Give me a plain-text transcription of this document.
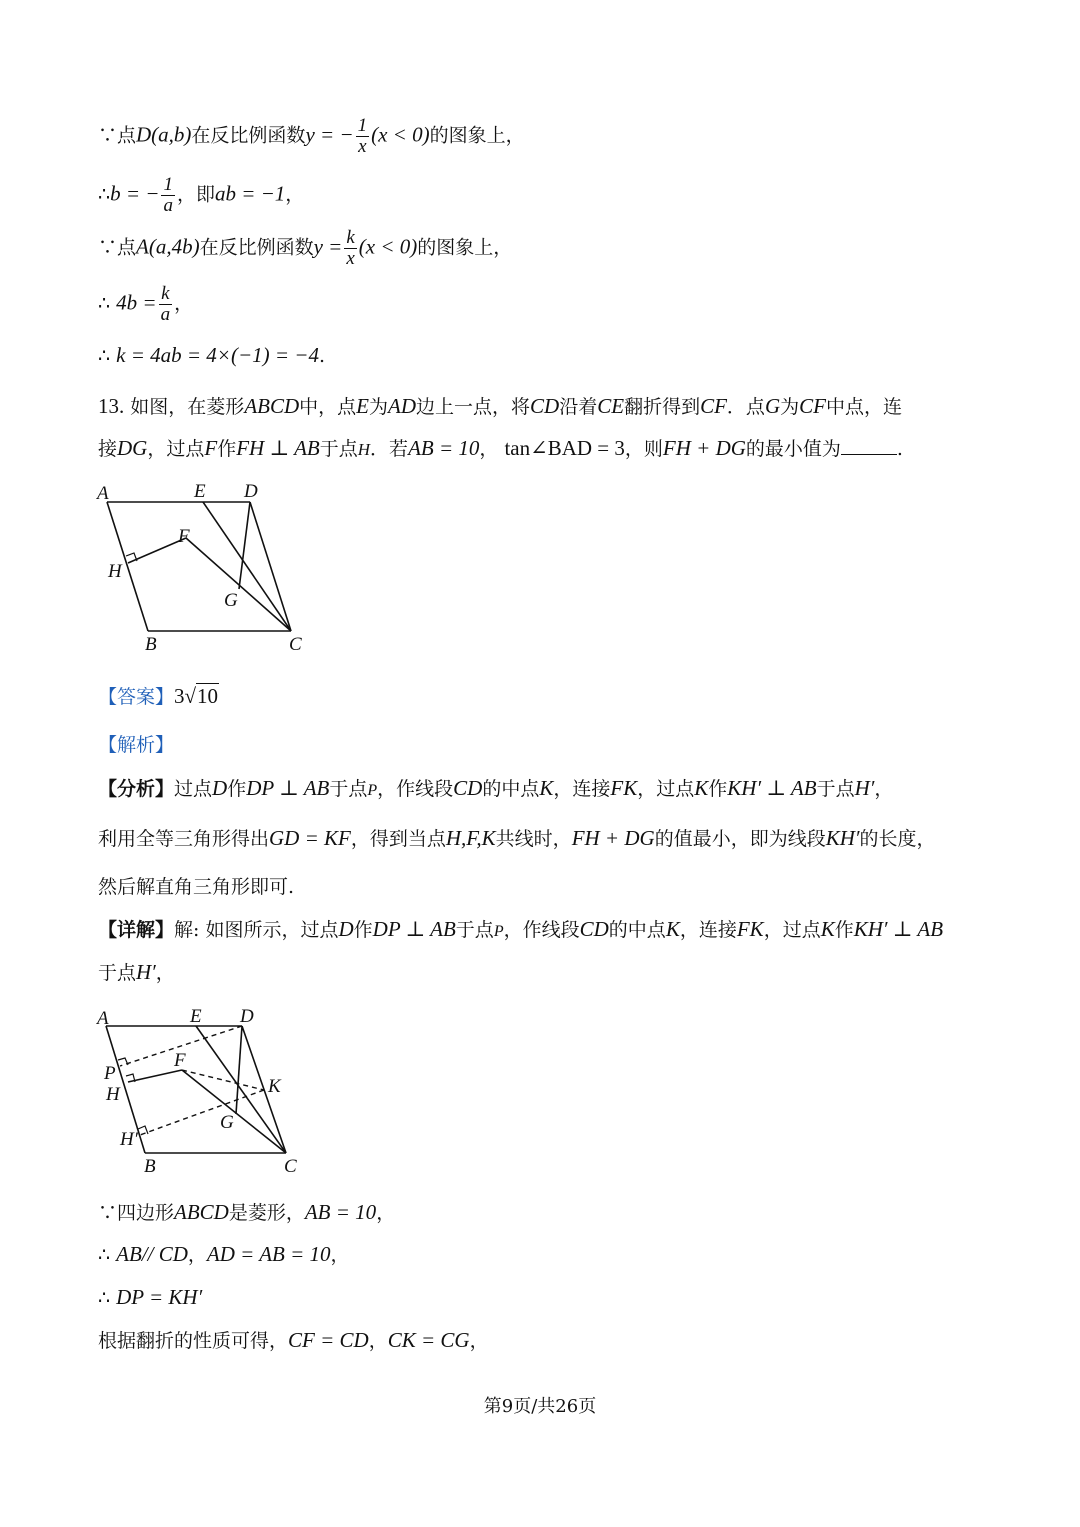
∵点D(a,b)在反比例函数y = − $\frac{1}{x} (x < 0)$的图象上，
∴b = − $\frac{1}{a}$ ，即ab = −1，
∵点A(a,4b)在反比例函数$y = \frac{k}{x} (x < 0)$的图象上，
∴ $4b = \frac{k}{a}$ ，
∴ k = 4ab = 4×(−1) = −4.
13. 如图，在菱形ABCD中，点E为AD边上一点，将CD沿着CE翻折得到CF．点G为CF中点，连
接DG，过点F作FH ⊥ AB于点H．若AB = 10， tan∠BAD = 3，则FH + DG的最小值为	.
A	E D
F
H
G
B	C
【答案】3√10
【解析】
【分析】过点D作DP ⊥ AB于点P，作线段CD的中点K，连接FK，过点K作KH′ ⊥ AB于点H′，
利用全等三角形得出GD = KF，得到当点H,F,K共线时，FH + DG的值最小，即为线段KH′的长度，
然后解直角三角形即可.
【详解】解: 如图所示，过点D作DP ⊥ AB于点P，作线段CD的中点K，连接FK，过点K作KH′ ⊥ AB
于点H′，
A	E D
P
F
H	K
G
H′
B	C
∵四边形ABCD是菱形，AB = 10，
∴ AB// CD，AD = AB = 10，
∴ DP = KH′
根据翻折的性质可得，CF = CD，CK = CG，
第9页/共26页
